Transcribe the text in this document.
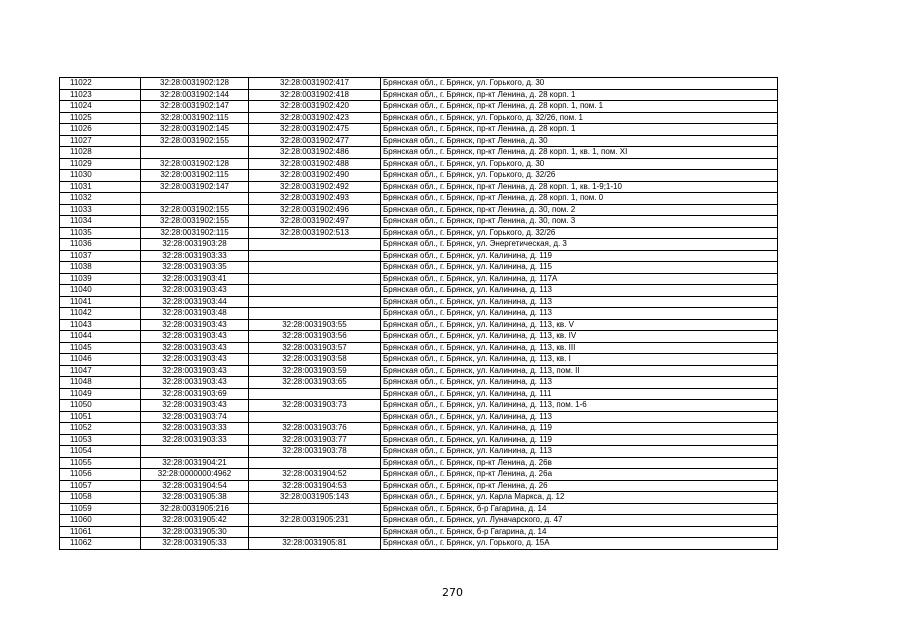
11022	32:28:0031902:128	32:28:0031902:417	Брянская обл., г. Брянск, ул. Горького, д. 30
11023	32:28:0031902:144	32:28:0031902:418	Брянская обл., г. Брянск, пр-кт Ленина, д. 28 корп. 1
11024	32:28:0031902:147	32:28:0031902:420	Брянская обл., г. Брянск, пр-кт Ленина, д. 28 корп. 1, пом. 1
11025	32:28:0031902:115	32:28:0031902:423	Брянская обл., г. Брянск, ул. Горького, д. 32/26, пом. 1
11026	32:28:0031902:145	32:28:0031902:475	Брянская обл., г. Брянск, пр-кт Ленина, д. 28 корп. 1
11027	32:28:0031902:155	32:28:0031902:477	Брянская обл., г. Брянск, пр-кт Ленина, д. 30
11028		32:28:0031902:486	Брянская обл., г. Брянск, пр-кт Ленина, д. 28 корп. 1, кв. 1, пом. XI
11029	32:28:0031902:128	32:28:0031902:488	Брянская обл., г. Брянск, ул. Горького, д. 30
11030	32:28:0031902:115	32:28:0031902:490	Брянская обл., г. Брянск, ул. Горького, д. 32/26
11031	32:28:0031902:147	32:28:0031902:492	Брянская обл., г. Брянск, пр-кт Ленина, д. 28 корп. 1, кв. 1-9;1-10
11032		32:28:0031902:493	Брянская обл., г. Брянск, пр-кт Ленина, д. 28 корп. 1, пом. 0
11033	32:28:0031902:155	32:28:0031902:496	Брянская обл., г. Брянск, пр-кт Ленина, д. 30, пом. 2
11034	32:28:0031902:155	32:28:0031902:497	Брянская обл., г. Брянск, пр-кт Ленина, д. 30, пом. 3
11035	32:28:0031902:115	32:28:0031902:513	Брянская обл., г. Брянск, ул. Горького, д. 32/26
11036	32:28:0031903:28		Брянская обл., г. Брянск, ул. Энергетическая, д. 3
11037	32:28:0031903:33		Брянская обл., г. Брянск, ул. Калинина, д. 119
11038	32:28:0031903:35		Брянская обл., г. Брянск, ул. Калинина, д. 115
11039	32:28:0031903:41		Брянская обл., г. Брянск, ул. Калинина, д. 117А
11040	32:28:0031903:43		Брянская обл., г. Брянск, ул. Калинина, д. 113
11041	32:28:0031903:44		Брянская обл., г. Брянск, ул. Калинина, д. 113
11042	32:28:0031903:48		Брянская обл., г. Брянск, ул. Калинина, д. 113
11043	32:28:0031903:43	32:28:0031903:55	Брянская обл., г. Брянск, ул. Калинина, д. 113, кв. V
11044	32:28:0031903:43	32:28:0031903:56	Брянская обл., г. Брянск, ул. Калинина, д. 113, кв. IV
11045	32:28:0031903:43	32:28:0031903:57	Брянская обл., г. Брянск, ул. Калинина, д. 113, кв. III
11046	32:28:0031903:43	32:28:0031903:58	Брянская обл., г. Брянск, ул. Калинина, д. 113, кв. I
11047	32:28:0031903:43	32:28:0031903:59	Брянская обл., г. Брянск, ул. Калинина, д. 113, пом. II
11048	32:28:0031903:43	32:28:0031903:65	Брянская обл., г. Брянск, ул. Калинина, д. 113
11049	32:28:0031903:69		Брянская обл., г. Брянск, ул. Калинина, д. 111
11050	32:28:0031903:43	32:28:0031903:73	Брянская обл., г. Брянск, ул. Калинина, д. 113, пом. 1-6
11051	32:28:0031903:74		Брянская обл., г. Брянск, ул. Калинина, д. 113
11052	32:28:0031903:33	32:28:0031903:76	Брянская обл., г. Брянск, ул. Калинина, д. 119
11053	32:28:0031903:33	32:28:0031903:77	Брянская обл., г. Брянск, ул. Калинина, д. 119
11054		32:28:0031903:78	Брянская обл., г. Брянск, ул. Калинина, д. 113
11055	32:28:0031904:21		Брянская обл., г. Брянск, пр-кт Ленина, д. 26в
11056	32:28:0000000:4962	32:28:0031904:52	Брянская обл., г. Брянск, пр-кт Ленина, д. 26а
11057	32:28:0031904:54	32:28:0031904:53	Брянская обл., г. Брянск, пр-кт Ленина, д. 26
11058	32:28:0031905:38	32:28:0031905:143	Брянская обл., г. Брянск, ул. Карла Маркса, д. 12
11059	32:28:0031905:216		Брянская обл., г. Брянск, б-р Гагарина, д. 14
11060	32:28:0031905:42	32:28:0031905:231	Брянская обл., г. Брянск, ул. Луначарского, д. 47
11061	32:28:0031905:30		Брянская обл., г. Брянск, б-р Гагарина, д. 14
11062	32:28:0031905:33	32:28:0031905:81	Брянская обл., г. Брянск, ул. Горького, д. 15А
270
